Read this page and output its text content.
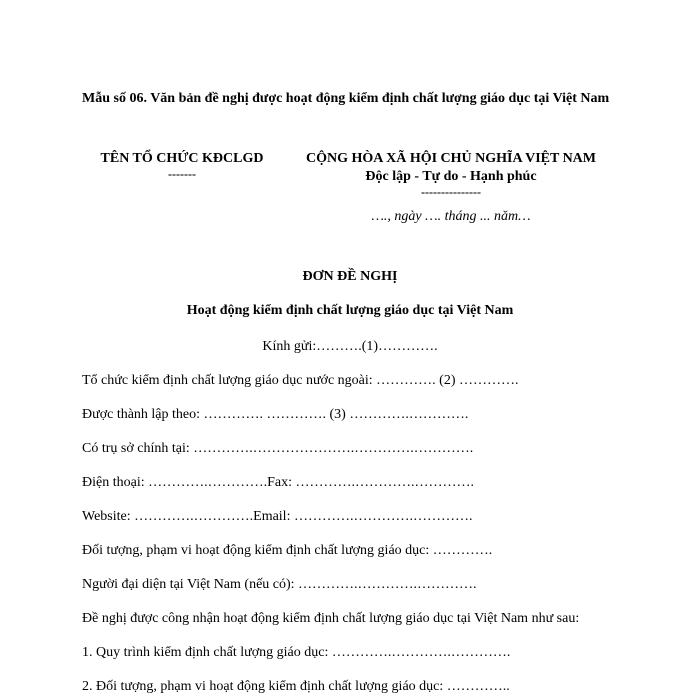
Mẫu số 06. Văn bản đề nghị được hoạt động kiểm định chất lượng giáo dục tại Việt Nam
TÊN TỔ CHỨC KĐCLGD
-------
CỘNG HÒA XÃ HỘI CHỦ NGHĨA VIỆT NAM
Độc lập - Tự do - Hạnh phúc
---------------
…., ngày …. tháng ... năm…
ĐƠN ĐỀ NGHỊ
Hoạt động kiểm định chất lượng giáo dục tại Việt Nam
Kính gửi:……….(1)………….
Tổ chức kiểm định chất lượng giáo dục nước ngoài: …………. (2) ………….
Được thành lập theo: …………. …………. (3) ………….………….
Có trụ sở chính tại: ………….………………….………….………….
Điện thoại: ………….………….Fax: ………….………….………….
Website: ………….………….Email: ………….………….………….
Đối tượng, phạm vi hoạt động kiểm định chất lượng giáo dục: ………….
Người đại diện tại Việt Nam (nếu có): ………….………….………….
Đề nghị được công nhận hoạt động kiểm định chất lượng giáo dục tại Việt Nam như sau:
1. Quy trình kiểm định chất lượng giáo dục: ………….………….………….
2. Đối tượng, phạm vi hoạt động kiểm định chất lượng giáo dục: …………..
